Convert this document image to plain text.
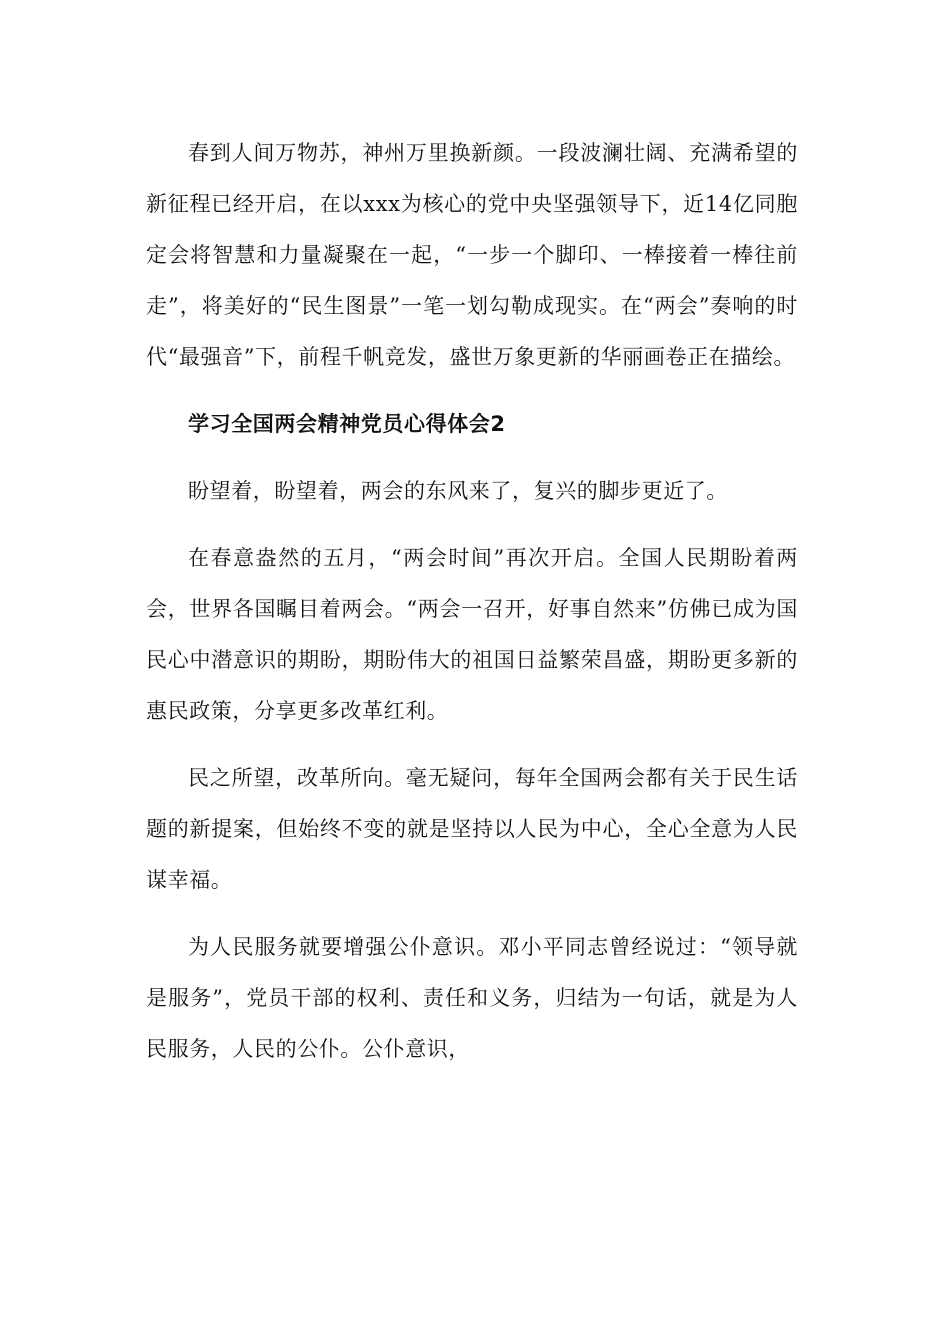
春到人间万物苏，神州万里换新颜。一段波澜壮阔、充满希望的新征程已经开启，在以xxx为核心的党中央坚强领导下，近14亿同胞定会将智慧和力量凝聚在一起，“一步一个脚印、一棒接着一棒往前走”，将美好的“民生图景”一笔一划勾勒成现实。在“两会”奏响的时代“最强音”下，前程千帆竞发，盛世万象更新的华丽画卷正在描绘。

学习全国两会精神党员心得体会2

盼望着，盼望着，两会的东风来了，复兴的脚步更近了。

在春意盎然的五月，“两会时间”再次开启。全国人民期盼着两会，世界各国瞩目着两会。“两会一召开，好事自然来”仿佛已成为国民心中潜意识的期盼，期盼伟大的祖国日益繁荣昌盛，期盼更多新的惠民政策，分享更多改革红利。

民之所望，改革所向。毫无疑问，每年全国两会都有关于民生话题的新提案，但始终不变的就是坚持以人民为中心，全心全意为人民谋幸福。

为人民服务就要增强公仆意识。邓小平同志曾经说过：“领导就是服务”，党员干部的权利、责任和义务，归结为一句话，就是为人民服务，人民的公仆。公仆意识，
